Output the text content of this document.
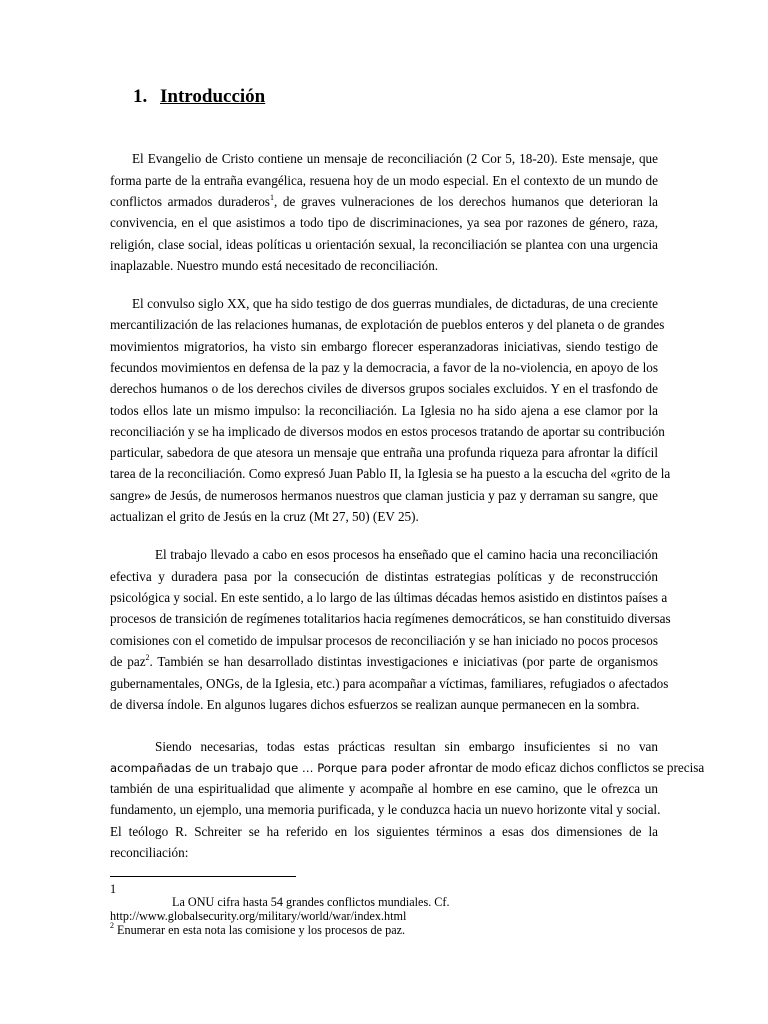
1. Introducción
El Evangelio de Cristo contiene un mensaje de reconciliación (2 Cor 5, 18-20). Este mensaje, que
forma parte de la entraña evangélica, resuena hoy de un modo especial. En el contexto de un mundo de
conflictos armados duraderos$^1$, de graves vulneraciones de los derechos humanos que deterioran la
convivencia, en el que asistimos a todo tipo de discriminaciones, ya sea por razones de género, raza,
religión, clase social, ideas políticas u orientación sexual, la reconciliación se plantea con una urgencia
inaplazable. Nuestro mundo está necesitado de reconciliación.
El convulso siglo XX, que ha sido testigo de dos guerras mundiales, de dictaduras, de una creciente
mercantilización de las relaciones humanas, de explotación de pueblos enteros y del planeta o de grandes
movimientos migratorios, ha visto sin embargo florecer esperanzadoras iniciativas, siendo testigo de
fecundos movimientos en defensa de la paz y la democracia, a favor de la no-violencia, en apoyo de los
derechos humanos o de los derechos civiles de diversos grupos sociales excluidos. Y en el trasfondo de
todos ellos late un mismo impulso: la reconciliación. La Iglesia no ha sido ajena a ese clamor por la
reconciliación y se ha implicado de diversos modos en estos procesos tratando de aportar su contribución
particular, sabedora de que atesora un mensaje que entraña una profunda riqueza para afrontar la difícil
tarea de la reconciliación. Como expresó Juan Pablo II, la Iglesia se ha puesto a la escucha del «grito de la
sangre» de Jesús, de numerosos hermanos nuestros que claman justicia y paz y derraman su sangre, que
actualizan el grito de Jesús en la cruz (Mt 27, 50) (EV 25).
El trabajo llevado a cabo en esos procesos ha enseñado que el camino hacia una reconciliación
efectiva y duradera pasa por la consecución de distintas estrategias políticas y de reconstrucción
psicológica y social. En este sentido, a lo largo de las últimas décadas hemos asistido en distintos países a
procesos de transición de regímenes totalitarios hacia regímenes democráticos, se han constituido diversas
comisiones con el cometido de impulsar procesos de reconciliación y se han iniciado no pocos procesos
de paz$^2$. También se han desarrollado distintas investigaciones e iniciativas (por parte de organismos
gubernamentales, ONGs, de la Iglesia, etc.) para acompañar a víctimas, familiares, refugiados o afectados
de diversa índole. En algunos lugares dichos esfuerzos se realizan aunque permanecen en la sombra.
Siendo necesarias, todas estas prácticas resultan sin embargo insuficientes si no van
acompañadas de un trabajo que … Porque para poder afrontar de modo eficaz dichos conflictos se precisa
también de una espiritualidad que alimente y acompañe al hombre en ese camino, que le ofrezca un
fundamento, un ejemplo, una memoria purificada, y le conduzca hacia un nuevo horizonte vital y social.
El teólogo R. Schreiter se ha referido en los siguientes términos a esas dos dimensiones de la
reconciliación:
1
La ONU cifra hasta 54 grandes conflictos mundiales. Cf.
http://www.globalsecurity.org/military/world/war/index.html
$^2$ Enumerar en esta nota las comisione y los procesos de paz.
